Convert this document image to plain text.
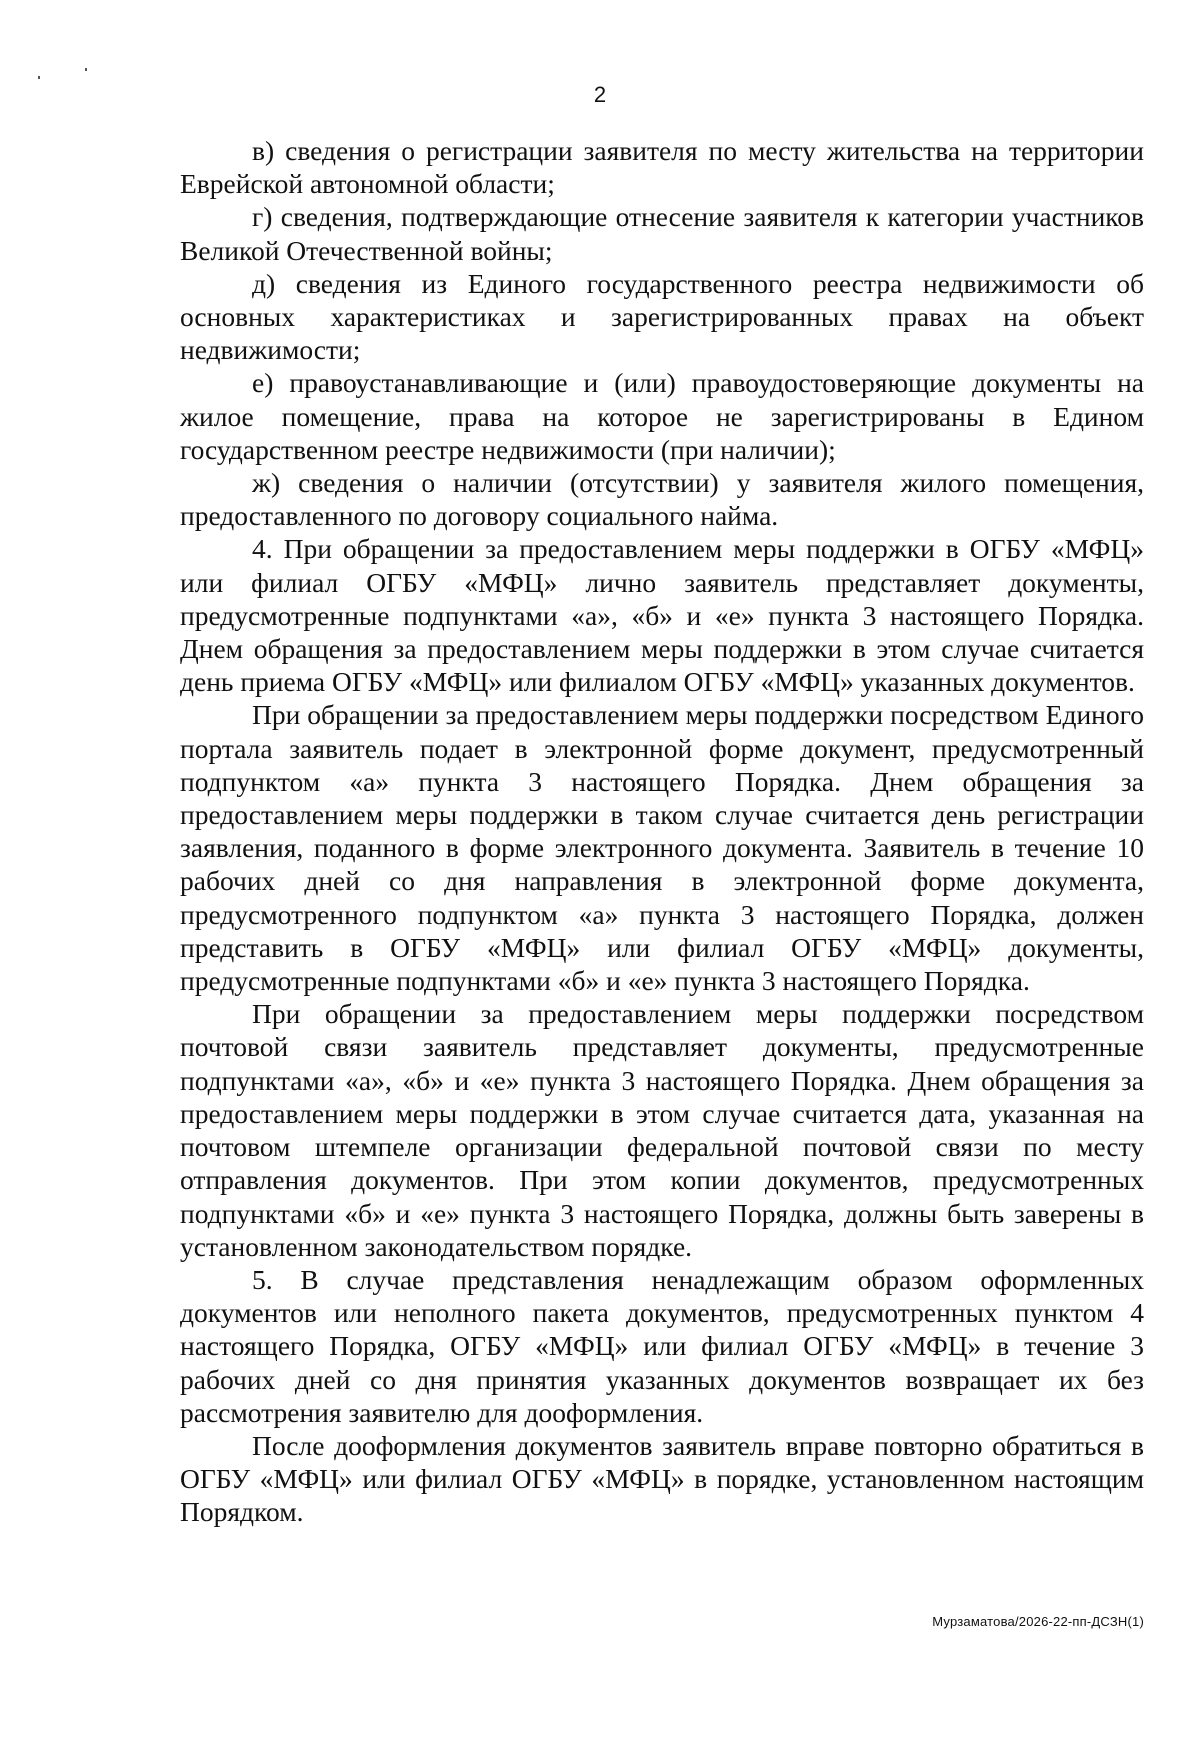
2

в) сведения о регистрации заявителя по месту жительства на территории Еврейской автономной области;

г) сведения, подтверждающие отнесение заявителя к категории участников Великой Отечественной войны;

д) сведения из Единого государственного реестра недвижимости об основных характеристиках и зарегистрированных правах на объект недвижимости;

е) правоустанавливающие и (или) правоудостоверяющие документы на жилое помещение, права на которое не зарегистрированы в Едином государственном реестре недвижимости (при наличии);

ж) сведения о наличии (отсутствии) у заявителя жилого помещения, предоставленного по договору социального найма.

4. При обращении за предоставлением меры поддержки в ОГБУ «МФЦ» или филиал ОГБУ «МФЦ» лично заявитель представляет документы, предусмотренные подпунктами «а», «б» и «е» пункта 3 настоящего Порядка. Днем обращения за предоставлением меры поддержки в этом случае считается день приема ОГБУ «МФЦ» или филиалом ОГБУ «МФЦ» указанных документов.

При обращении за предоставлением меры поддержки посредством Единого портала заявитель подает в электронной форме документ, предусмотренный подпунктом «а» пункта 3 настоящего Порядка. Днем обращения за предоставлением меры поддержки в таком случае считается день регистрации заявления, поданного в форме электронного документа. Заявитель в течение 10 рабочих дней со дня направления в электронной форме документа, предусмотренного подпунктом «а» пункта 3 настоящего Порядка, должен представить в ОГБУ «МФЦ» или филиал ОГБУ «МФЦ» документы, предусмотренные подпунктами «б» и «е» пункта 3 настоящего Порядка.

При обращении за предоставлением меры поддержки посредством почтовой связи заявитель представляет документы, предусмотренные подпунктами «а», «б» и «е» пункта 3 настоящего Порядка. Днем обращения за предоставлением меры поддержки в этом случае считается дата, указанная на почтовом штемпеле организации федеральной почтовой связи по месту отправления документов. При этом копии документов, предусмотренных подпунктами «б» и «е» пункта 3 настоящего Порядка, должны быть заверены в установленном законодательством порядке.

5. В случае представления ненадлежащим образом оформленных документов или неполного пакета документов, предусмотренных пунктом 4 настоящего Порядка, ОГБУ «МФЦ» или филиал ОГБУ «МФЦ» в течение 3 рабочих дней со дня принятия указанных документов возвращает их без рассмотрения заявителю для дооформления.

После дооформления документов заявитель вправе повторно обратиться в ОГБУ «МФЦ» или филиал ОГБУ «МФЦ» в порядке, установленном настоящим Порядком.

Мурзаматова/2026-22-пп-ДСЗН(1)
